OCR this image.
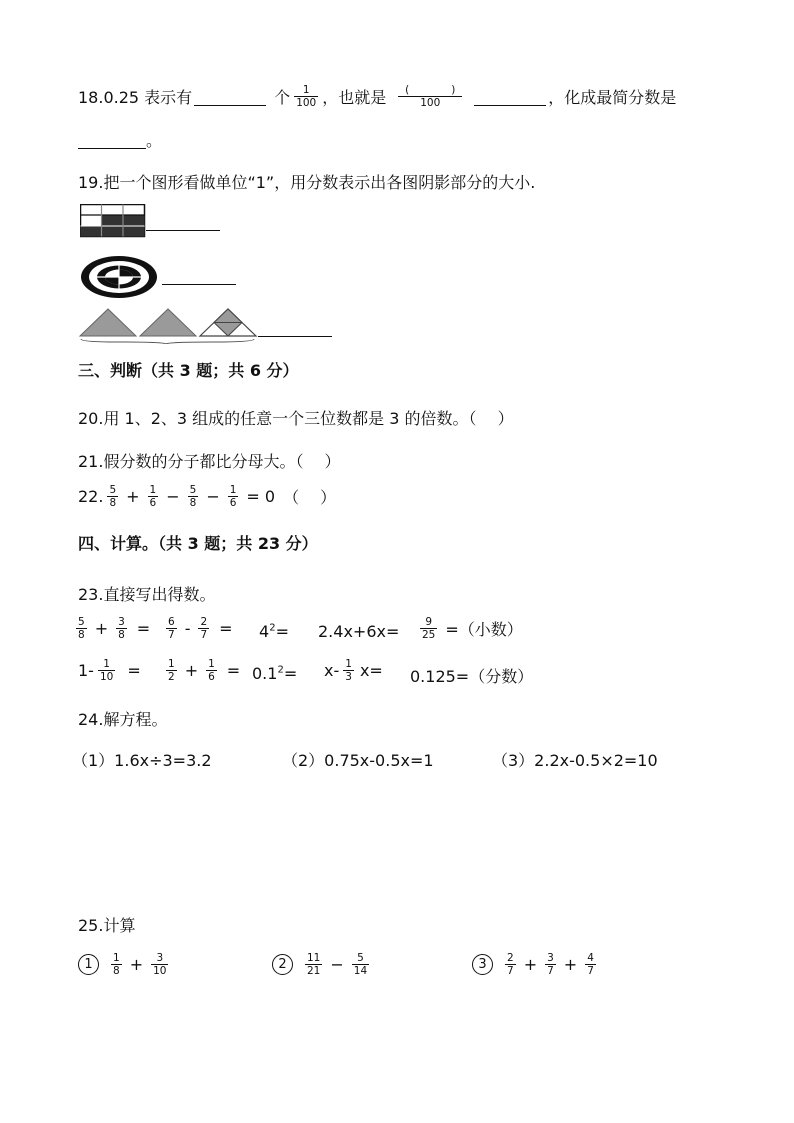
18.0.25 表示有	个 $\frac{1}{100}$ ，也就是 $\frac{( )}{100}$	，化成最简分数是
。
19.把一个图形看做单位“1”，用分数表示出各图阴影部分的大小.
三、判断（共 3 题；共 6 分）
20.用 1、2、3 组成的任意一个三位数都是 3 的倍数。（　 ）
21.假分数的分子都比分母大。（　 ）
22. $\frac{5}{8} + \frac{1}{6} - \frac{5}{8} - \frac{1}{6} = 0$ （　 ）
四、计算。（共 3 题；共 23 分）
23.直接写出得数。
$\frac{5}{8} + \frac{3}{8} = \frac{6}{7} - \frac{2}{7} = 4^2= 2.4x+6x= \frac{9}{25}$ =（小数）
$1- \frac{1}{10} = \frac{1}{2} + \frac{1}{6} = 0.1^2= x- \frac{1}{3} x= 0.125=$（分数）
24.解方程。
（1）1.6x÷3=3.2	（2）0.75x-0.5x=1	（3）2.2x-0.5×2=10
25.计算
1	$\frac{1}{8} + \frac{3}{10}$	2	$\frac{11}{21} - \frac{5}{14}$	3	$\frac{2}{7} + \frac{3}{7} + \frac{4}{7}$
